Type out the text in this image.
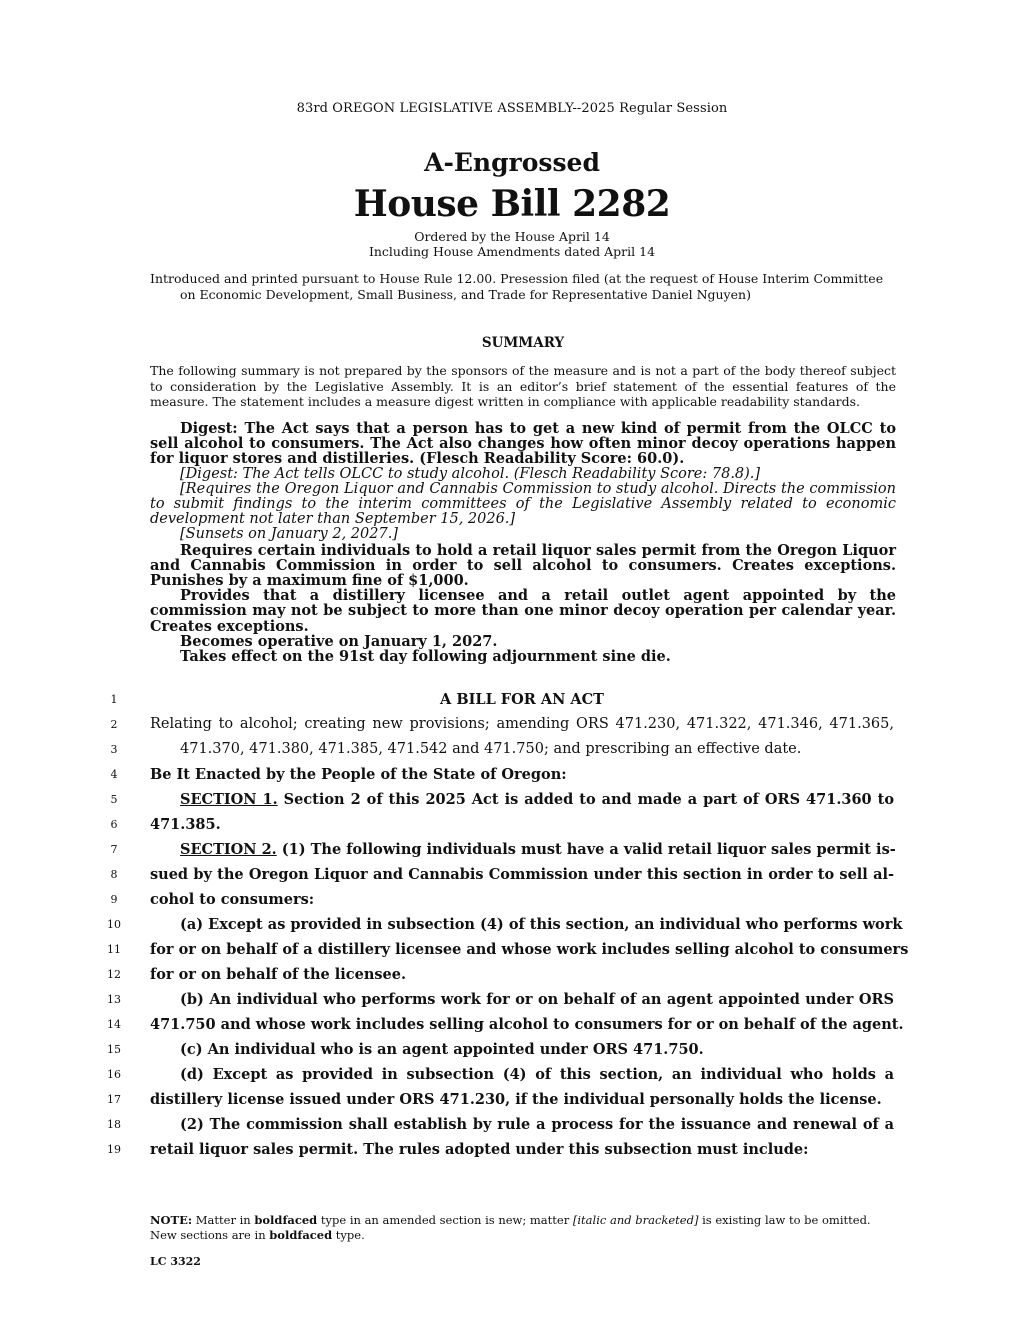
83rd OREGON LEGISLATIVE ASSEMBLY--2025 Regular Session
A-Engrossed
House Bill 2282
Ordered by the House April 14
Including House Amendments dated April 14
Introduced and printed pursuant to House Rule 12.00. Presession filed (at the request of House Interim Committee
on Economic Development, Small Business, and Trade for Representative Daniel Nguyen)
SUMMARY
The following summary is not prepared by the sponsors of the measure and is not a part of the body thereof subject to consideration by the Legislative Assembly. It is an editor’s brief statement of the essential features of the measure. The statement includes a measure digest written in compliance with applicable readability standards.

Digest: The Act says that a person has to get a new kind of permit from the OLCC to sell alcohol to consumers. The Act also changes how often minor decoy operations happen for liquor stores and distilleries. (Flesch Readability Score: 60.0).

[Digest: The Act tells OLCC to study alcohol. (Flesch Readability Score: 78.8).]

[Requires the Oregon Liquor and Cannabis Commission to study alcohol. Directs the commission to submit findings to the interim committees of the Legislative Assembly related to economic development not later than September 15, 2026.]

[Sunsets on January 2, 2027.]

Requires certain individuals to hold a retail liquor sales permit from the Oregon Liquor and Cannabis Commission in order to sell alcohol to consumers. Creates exceptions. Punishes by a maximum fine of $1,000.

Provides that a distillery licensee and a retail outlet agent appointed by the commission may not be subject to more than one minor decoy operation per calendar year. Creates exceptions.

Becomes operative on January 1, 2027.

Takes effect on the 91st day following adjournment sine die.

1	A BILL FOR AN ACT
2	Relating to alcohol; creating new provisions; amending ORS 471.230, 471.322, 471.346, 471.365,
3	471.370, 471.380, 471.385, 471.542 and 471.750; and prescribing an effective date.
4	Be It Enacted by the People of the State of Oregon:
5	SECTION 1. Section 2 of this 2025 Act is added to and made a part of ORS 471.360 to
6	471.385.
7	SECTION 2. (1) The following individuals must have a valid retail liquor sales permit is-
8	sued by the Oregon Liquor and Cannabis Commission under this section in order to sell al-
9	cohol to consumers:
10	(a) Except as provided in subsection (4) of this section, an individual who performs work
11	for or on behalf of a distillery licensee and whose work includes selling alcohol to consumers
12	for or on behalf of the licensee.
13	(b) An individual who performs work for or on behalf of an agent appointed under ORS
14	471.750 and whose work includes selling alcohol to consumers for or on behalf of the agent.
15	(c) An individual who is an agent appointed under ORS 471.750.
16	(d) Except as provided in subsection (4) of this section, an individual who holds a
17	distillery license issued under ORS 471.230, if the individual personally holds the license.
18	(2) The commission shall establish by rule a process for the issuance and renewal of a
19	retail liquor sales permit. The rules adopted under this subsection must include:
NOTE: Matter in boldfaced type in an amended section is new; matter [italic and bracketed] is existing law to be omitted.
New sections are in boldfaced type.
LC 3322
